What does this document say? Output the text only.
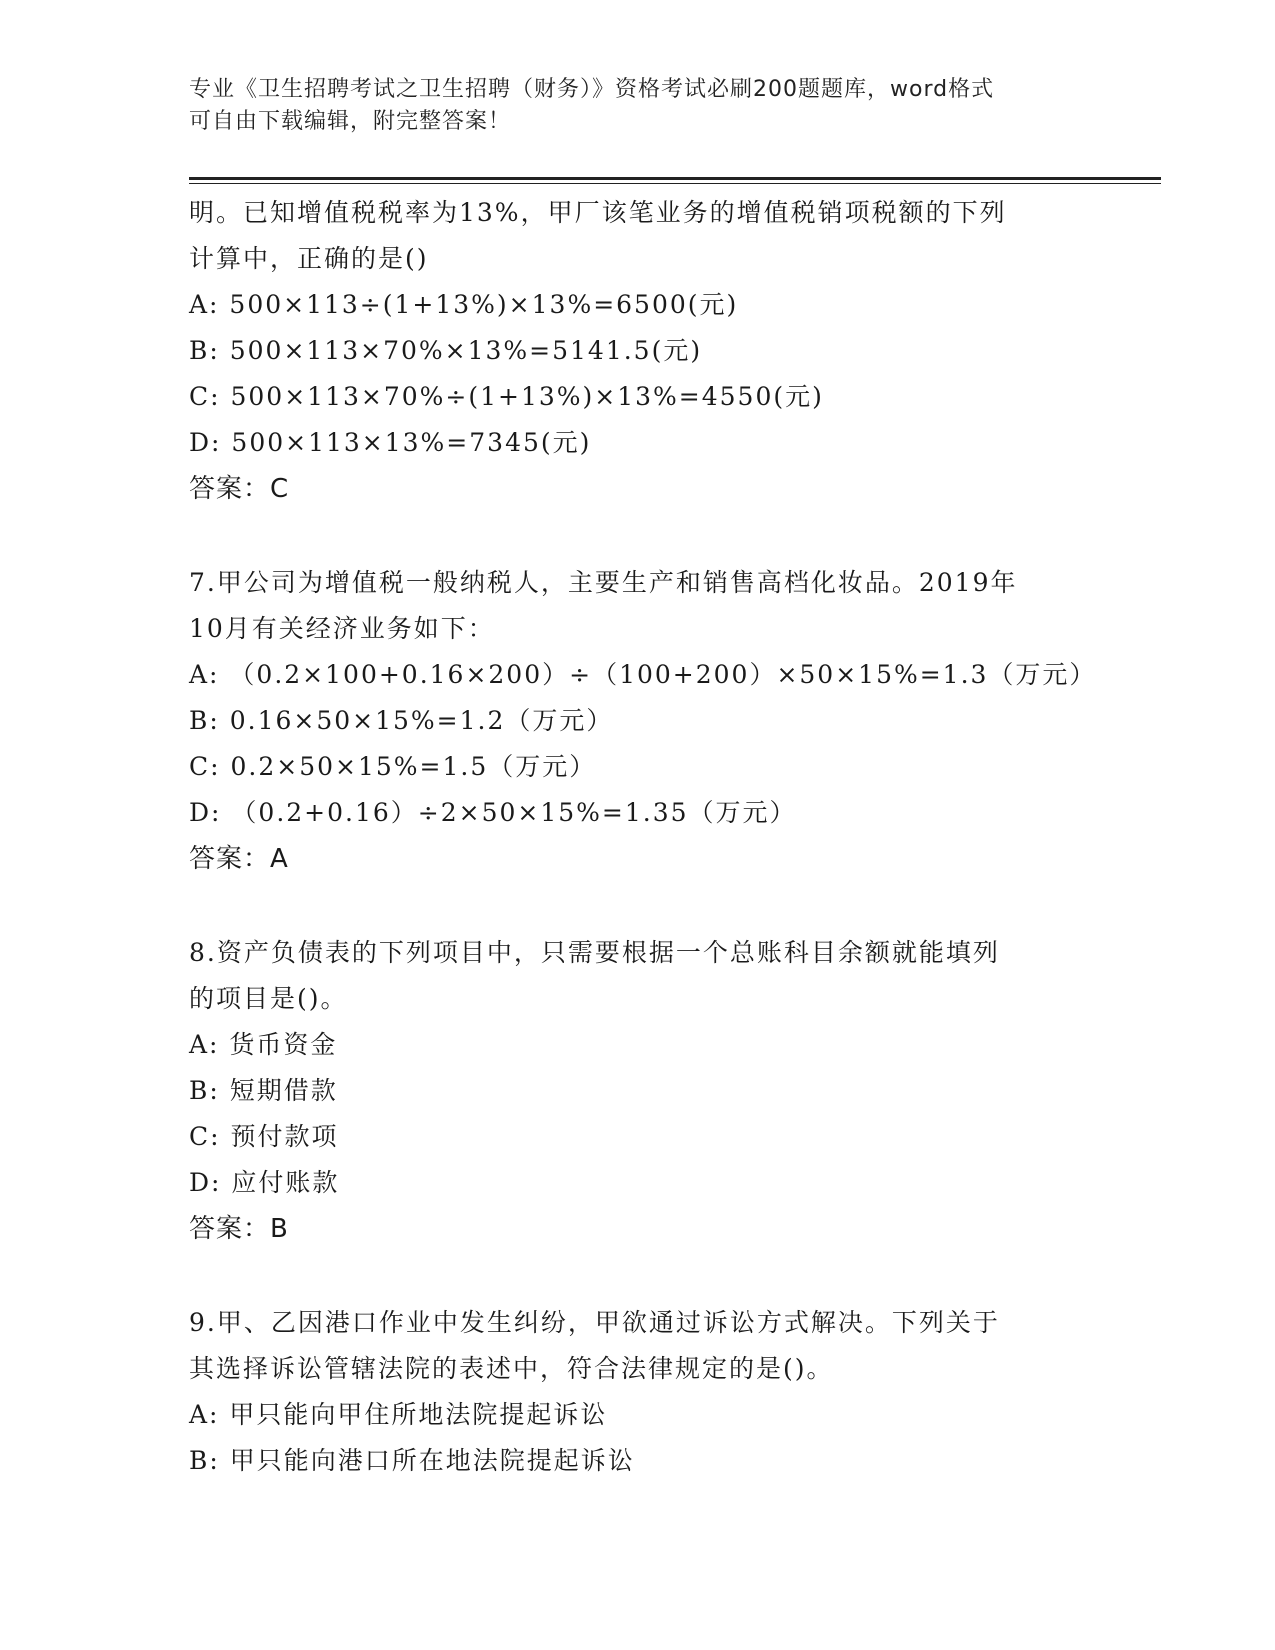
专业《卫生招聘考试之卫生招聘（财务）》资格考试必刷200题题库，word格式
可自由下载编辑，附完整答案！
明。已知增值税税率为13%，甲厂该笔业务的增值税销项税额的下列
计算中，正确的是()
A: 500×113÷(1+13%)×13%=6500(元)
B: 500×113×70%×13%=5141.5(元)
C: 500×113×70%÷(1+13%)×13%=4550(元)
D: 500×113×13%=7345(元)
答案：C
7.甲公司为增值税一般纳税人，主要生产和销售高档化妆品。2019年
10月有关经济业务如下：
A: （0.2×100+0.16×200）÷（100+200）×50×15%=1.3（万元）
B: 0.16×50×15%=1.2（万元）
C: 0.2×50×15%=1.5（万元）
D: （0.2+0.16）÷2×50×15%=1.35（万元）
答案：A
8.资产负债表的下列项目中，只需要根据一个总账科目余额就能填列
的项目是()。
A: 货币资金
B: 短期借款
C: 预付款项
D: 应付账款
答案：B
9.甲、乙因港口作业中发生纠纷，甲欲通过诉讼方式解决。下列关于
其选择诉讼管辖法院的表述中，符合法律规定的是()。
A: 甲只能向甲住所地法院提起诉讼
B: 甲只能向港口所在地法院提起诉讼
